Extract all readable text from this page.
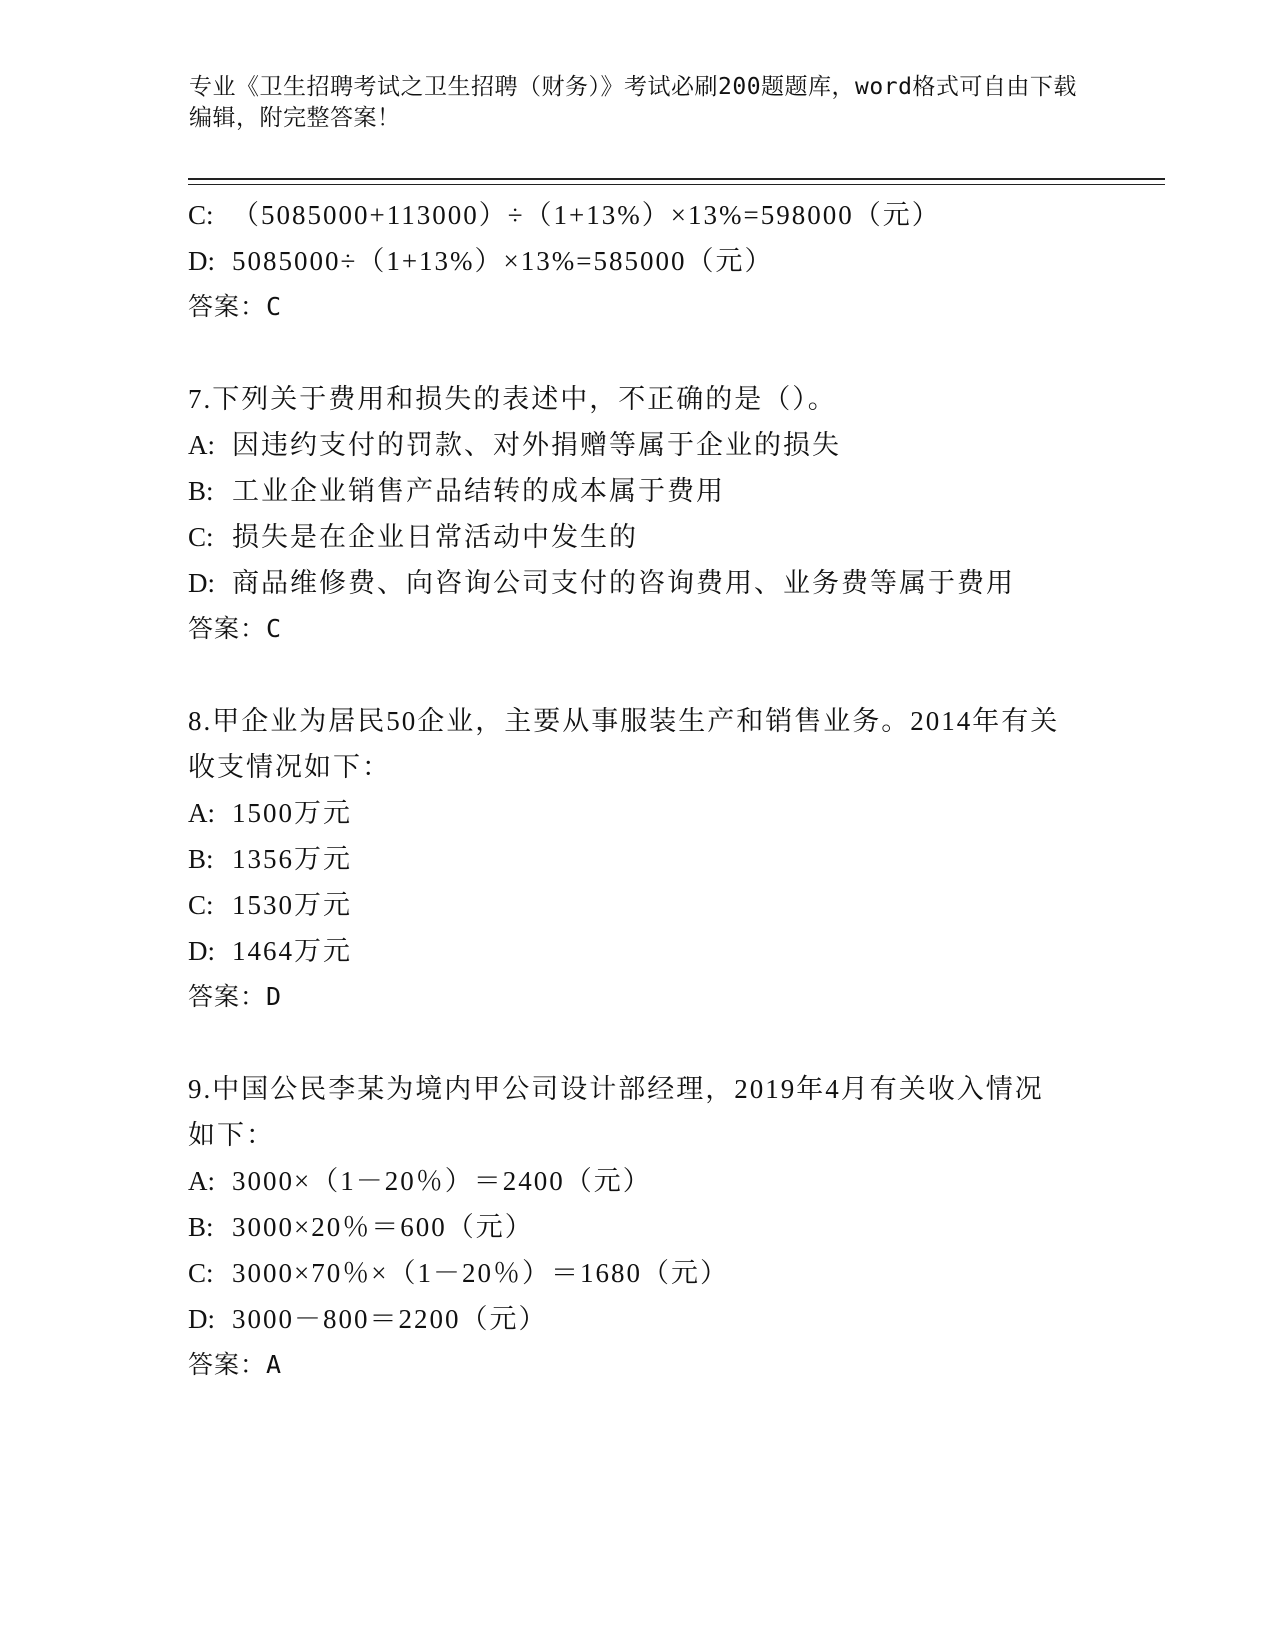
专业《卫生招聘考试之卫生招聘（财务）》考试必刷200题题库，word格式可自由下载编辑，附完整答案！
C: （5085000+113000）÷（1+13%）×13%=598000（元）
D: 5085000÷（1+13%）×13%=585000（元）
答案：C
7.下列关于费用和损失的表述中，不正确的是（）。
A: 因违约支付的罚款、对外捐赠等属于企业的损失
B: 工业企业销售产品结转的成本属于费用
C: 损失是在企业日常活动中发生的
D: 商品维修费、向咨询公司支付的咨询费用、业务费等属于费用
答案：C
8.甲企业为居民50企业，主要从事服装生产和销售业务。2014年有关收支情况如下：
A: 1500万元
B: 1356万元
C: 1530万元
D: 1464万元
答案：D
9.中国公民李某为境内甲公司设计部经理，2019年4月有关收入情况如下：
A: 3000×（1－20％）＝2400（元）
B: 3000×20％＝600（元）
C: 3000×70％×（1－20％）＝1680（元）
D: 3000－800＝2200（元）
答案：A
